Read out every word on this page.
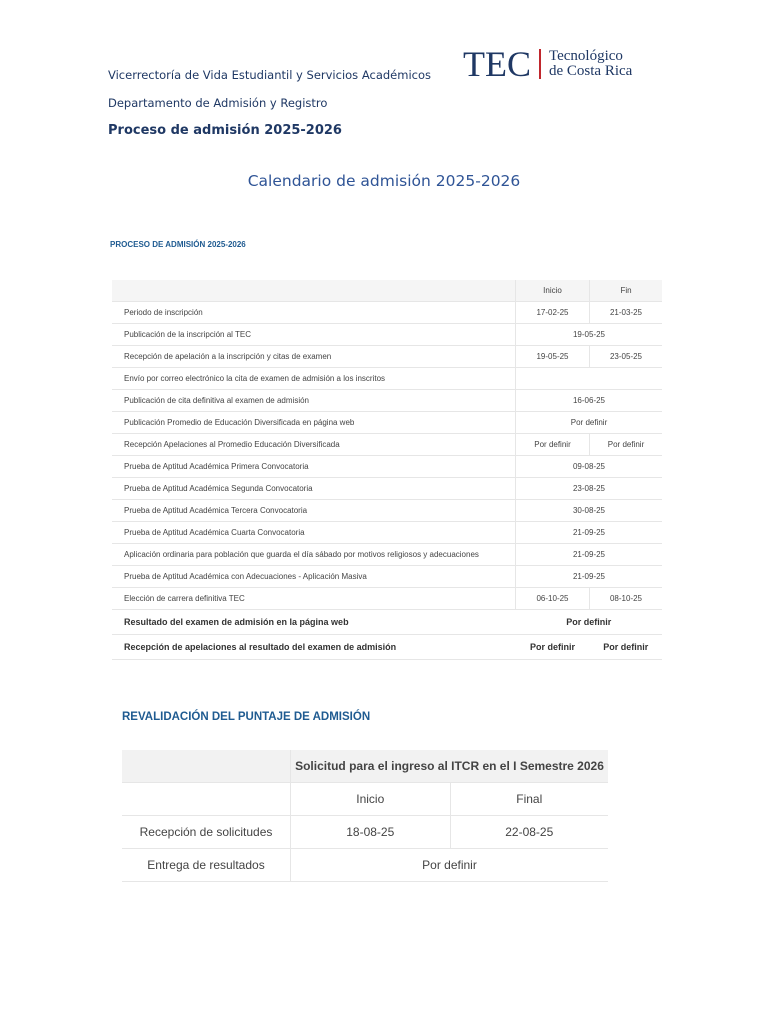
Vicerrectoría de Vida Estudiantil y Servicios Académicos
Departamento de Admisión y Registro
Proceso de admisión 2025-2026
TEC Tecnológico
de Costa Rica
Calendario de admisión 2025-2026
PROCESO DE ADMISIÓN 2025-2026
	Inicio	Fin
Periodo de inscripción	17-02-25	21-03-25
Publicación de la inscripción al TEC	19-05-25	
Recepción de apelación a la inscripción y citas de examen	19-05-25	23-05-25
Envío por correo electrónico la cita de examen de admisión a los inscritos		
Publicación de cita definitiva al examen de admisión	16-06-25	
Publicación Promedio de Educación Diversificada en página web	Por definir	
Recepción Apelaciones al Promedio Educación Diversificada	Por definir	Por definir
Prueba de Aptitud Académica Primera Convocatoria	09-08-25	
Prueba de Aptitud Académica Segunda Convocatoria	23-08-25	
Prueba de Aptitud Académica Tercera Convocatoria	30-08-25	
Prueba de Aptitud Académica Cuarta Convocatoria	21-09-25	
Aplicación ordinaria para población que guarda el día sábado por motivos religiosos y adecuaciones	21-09-25	
Prueba de Aptitud Académica con Adecuaciones - Aplicación Masiva	21-09-25	
Elección de carrera definitiva TEC	06-10-25	08-10-25
Resultado del examen de admisión en la página web	Por definir	
Recepción de apelaciones al resultado del examen de admisión	Por definir	Por definir
REVALIDACIÓN DEL PUNTAJE DE ADMISIÓN
	Solicitud para el ingreso al ITCR en el I Semestre 2026	
	Inicio	Final
Recepción de solicitudes	18-08-25	22-08-25
Entrega de resultados	Por definir	
